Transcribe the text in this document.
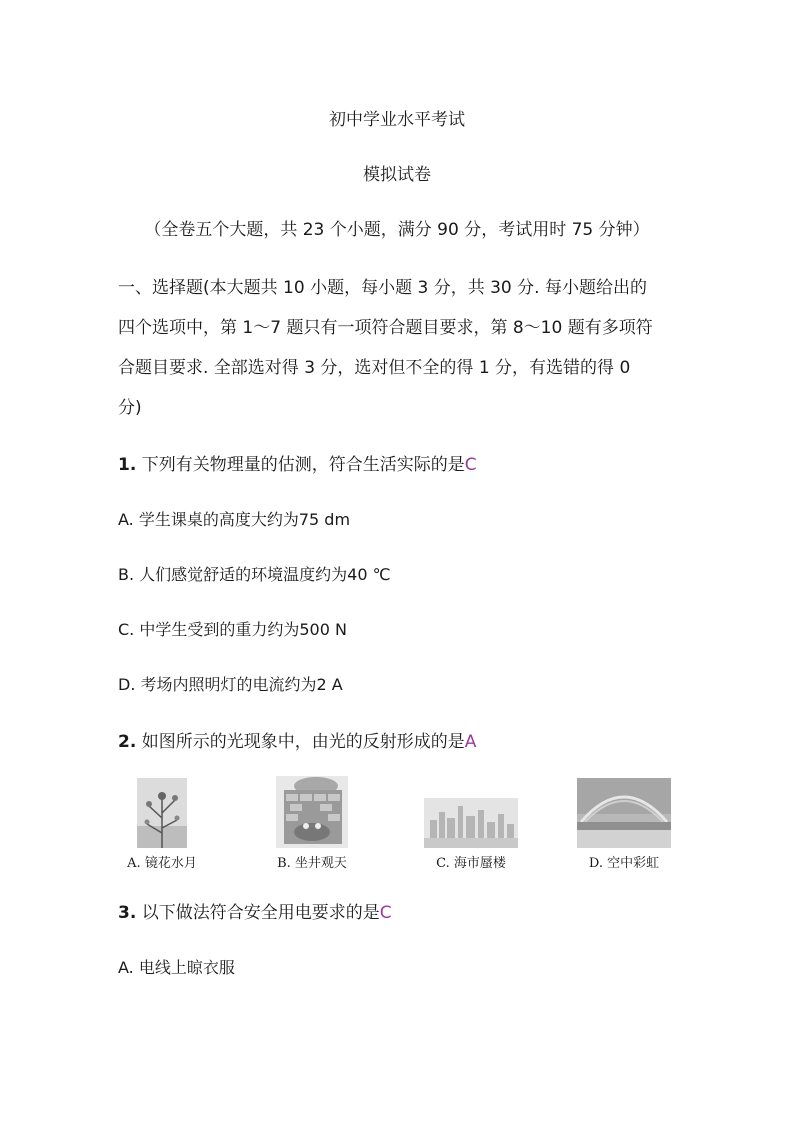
初中学业水平考试
模拟试卷
（全卷五个大题，共 23 个小题，满分 90 分，考试用时 75 分钟）
一、选择题(本大题共 10 小题，每小题 3 分，共 30 分. 每小题给出的
四个选项中，第 1～7 题只有一项符合题目要求，第 8～10 题有多项符
合题目要求. 全部选对得 3 分，选对但不全的得 1 分，有选错的得 0
分)
1. 下列有关物理量的估测，符合生活实际的是C
A. 学生课桌的高度大约为75 dm
B. 人们感觉舒适的环境温度约为40 ℃
C. 中学生受到的重力约为500 N
D. 考场内照明灯的电流约为2 A
2. 如图所示的光现象中，由光的反射形成的是A
A. 镜花水月	B. 坐井观天	C. 海市蜃楼	D. 空中彩虹
3. 以下做法符合安全用电要求的是C
A. 电线上晾衣服
